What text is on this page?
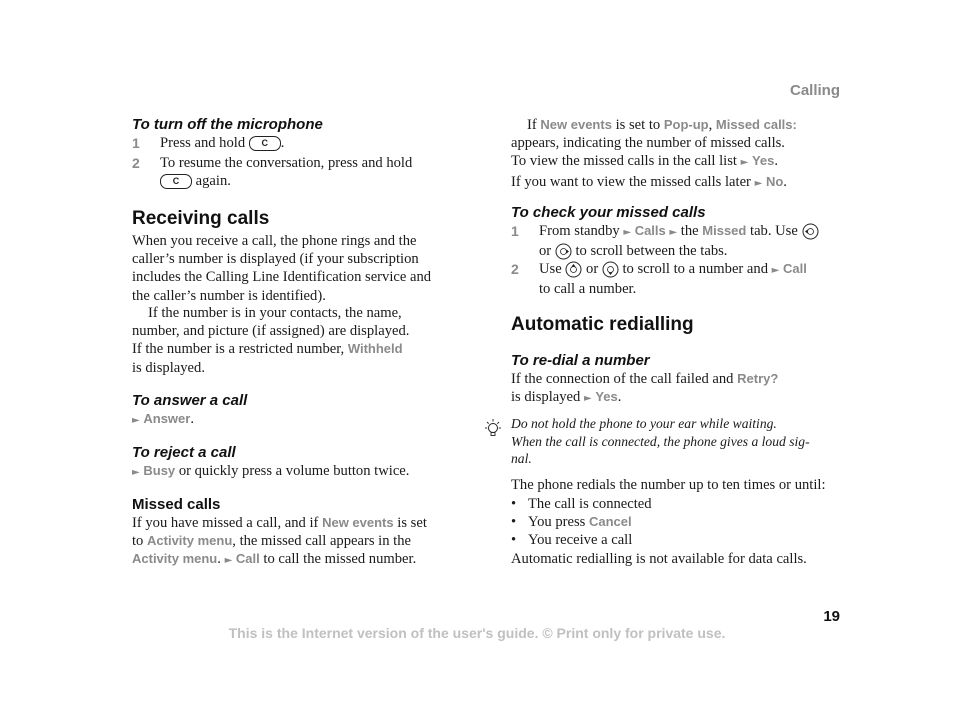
Calling
To turn off the microphone
1 Press and hold C .
2 To resume the conversation, press and hold
C again.
Receiving calls
When you receive a call, the phone rings and the
caller’s number is displayed (if your subscription
includes the Calling Line Identification service and
the caller’s number is identified).
If the number is in your contacts, the name,
number, and picture (if assigned) are displayed.
If the number is a restricted number, Withheld
is displayed.
To answer a call
► Answer.
To reject a call
► Busy or quickly press a volume button twice.
Missed calls
If you have missed a call, and if New events is set
to Activity menu, the missed call appears in the
Activity menu. ► Call to call the missed number.
If New events is set to Pop-up, Missed calls:
appears, indicating the number of missed calls.
To view the missed calls in the call list ► Yes.
If you want to view the missed calls later ► No.
To check your missed calls
1 From standby ► Calls ► the Missed tab. Use
or to scroll between the tabs.
2 Use or to scroll to a number and ► Call
to call a number.
Automatic redialling
To re-dial a number
If the connection of the call failed and Retry?
is displayed ► Yes.
Do not hold the phone to your ear while waiting.
When the call is connected, the phone gives a loud sig-
nal.
The phone redials the number up to ten times or until:
• The call is connected
• You press Cancel
• You receive a call
Automatic redialling is not available for data calls.
19
This is the Internet version of the user's guide. © Print only for private use.
